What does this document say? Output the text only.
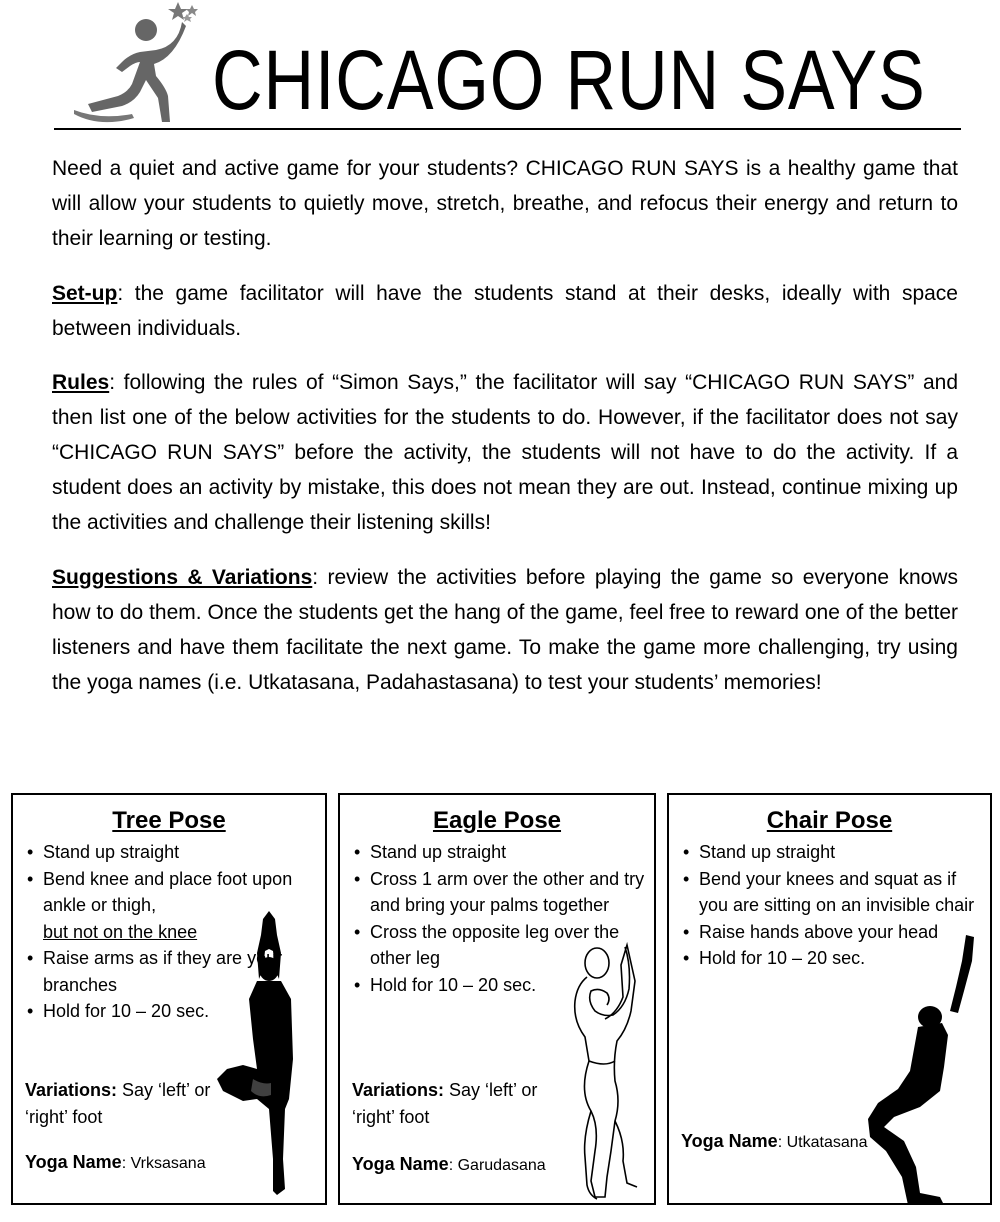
CHICAGO RUN SAYS

Need a quiet and active game for your students? CHICAGO RUN SAYS is a healthy game that will allow your students to quietly move, stretch, breathe, and refocus their energy and return to their learning or testing.

Set-up: the game facilitator will have the students stand at their desks, ideally with space between individuals.

Rules: following the rules of “Simon Says,” the facilitator will say “CHICAGO RUN SAYS” and then list one of the below activities for the students to do. However, if the facilitator does not say “CHICAGO RUN SAYS” before the activity, the students will not have to do the activity. If a student does an activity by mistake, this does not mean they are out. Instead, continue mixing up the activities and challenge their listening skills!

Suggestions & Variations: review the activities before playing the game so everyone knows how to do them. Once the students get the hang of the game, feel free to reward one of the better listeners and have them facilitate the next game. To make the game more challenging, try using the yoga names (i.e. Utkatasana, Padahastasana) to test your students’ memories!

Tree Pose
• Stand up straight
• Bend knee and place foot upon ankle or thigh,
but not on the knee
• Raise arms as if they are your branches
• Hold for 10 – 20 sec.

Variations: Say ‘left’ or ‘right’ foot

Yoga Name: Vrksasana

Eagle Pose
• Stand up straight
• Cross 1 arm over the other and try and bring your palms together
• Cross the opposite leg over the other leg
• Hold for 10 – 20 sec.

Variations: Say ‘left’ or ‘right’ foot

Yoga Name: Garudasana

Chair Pose
• Stand up straight
• Bend your knees and squat as if you are sitting on an invisible chair
• Raise hands above your head
• Hold for 10 – 20 sec.

Yoga Name: Utkatasana
